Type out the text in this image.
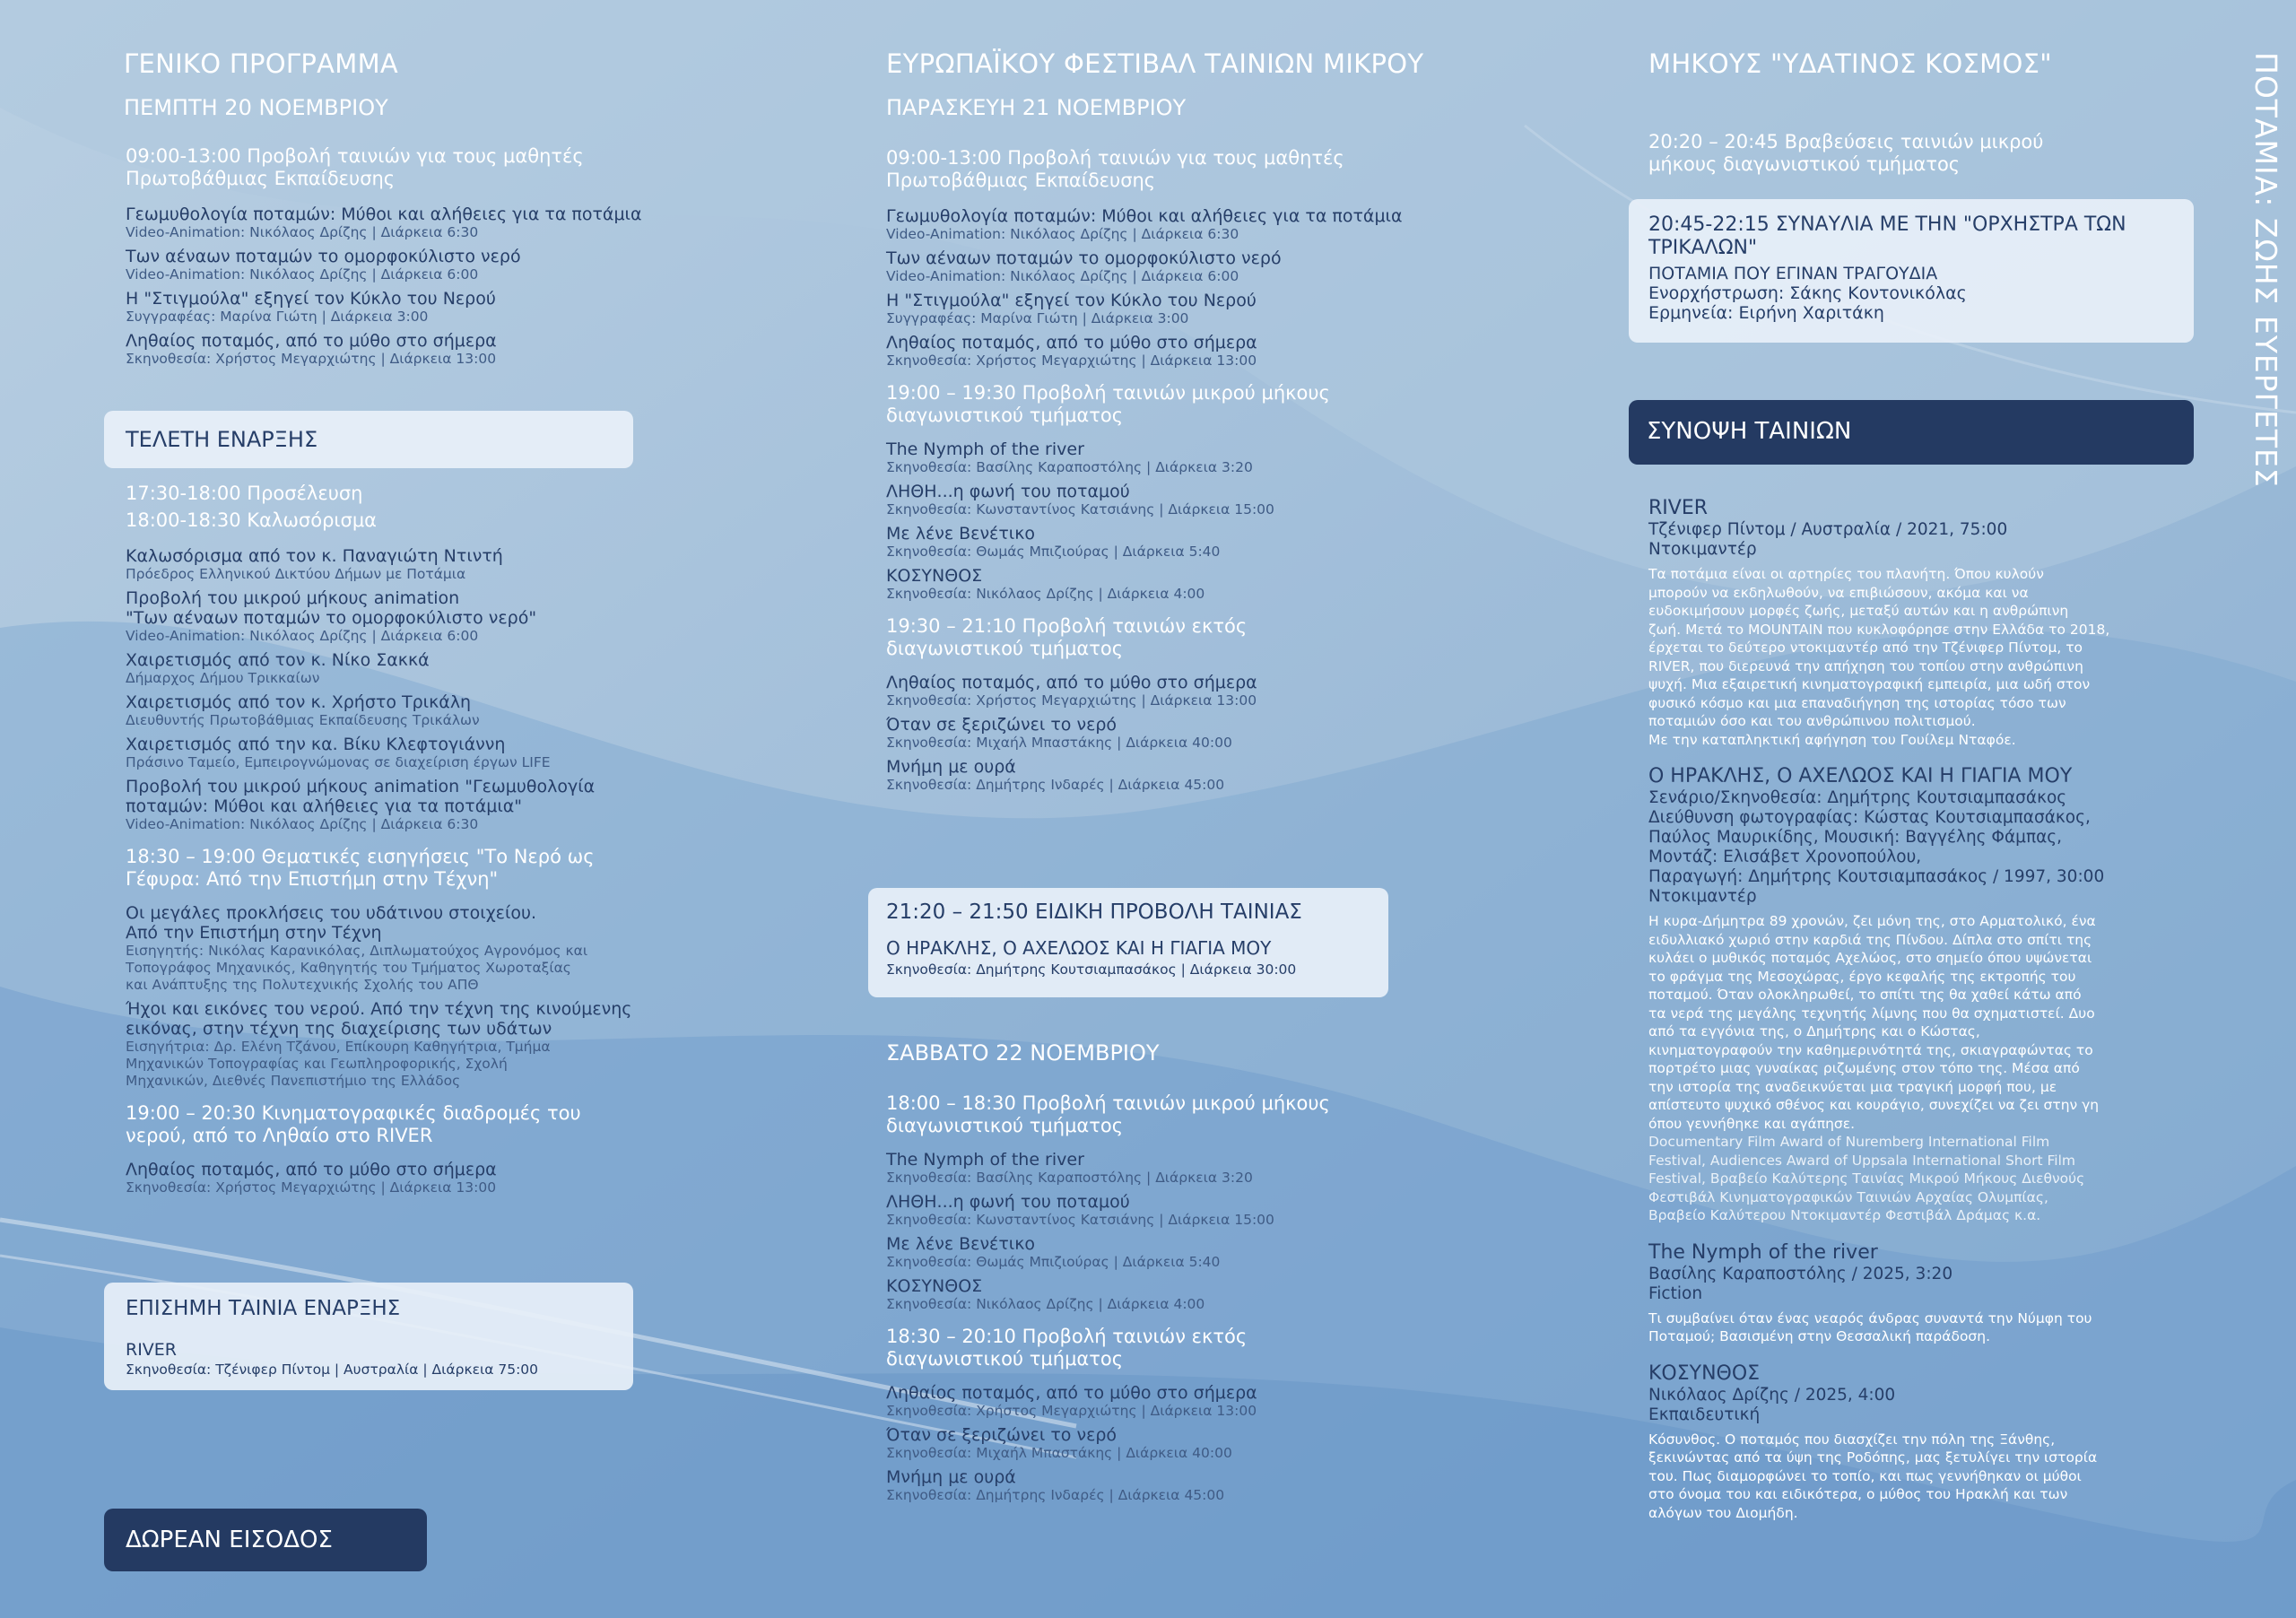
ΠΟΤΑΜΙΑ: ΖΩΗΣ ΕΥΕΡΓΕΤΕΣ
ΓΕΝΙΚΟ ΠΡΟΓΡΑΜΜΑ
ΠΕΜΠΤΗ 20 ΝΟΕΜΒΡΙΟΥ
09:00-13:00 Προβολή ταινιών για τους μαθητές
Πρωτοβάθμιας Εκπαίδευσης
Γεωμυθολογία ποταμών: Μύθοι και αλήθειες για τα ποτάμια
Video-Animation: Νικόλαος Δρίζης | Διάρκεια 6:30
Των αέναων ποταμών το ομορφοκύλιστο νερό
Video-Animation: Νικόλαος Δρίζης | Διάρκεια 6:00
Η "Στιγμούλα" εξηγεί τον Κύκλο του Νερού
Συγγραφέας: Μαρίνα Γιώτη | Διάρκεια 3:00
Ληθαίος ποταμός, από το μύθο στο σήμερα
Σκηνοθεσία: Χρήστος Μεγαρχιώτης | Διάρκεια 13:00
ΤΕΛΕΤΗ ΕΝΑΡΞΗΣ
17:30-18:00 Προσέλευση
18:00-18:30 Καλωσόρισμα
Καλωσόρισμα από τον κ. Παναγιώτη Ντιντή
Πρόεδρος Ελληνικού Δικτύου Δήμων με Ποτάμια
Προβολή του μικρού μήκους animation
"Των αέναων ποταμών το ομορφοκύλιστο νερό"
Video-Animation: Νικόλαος Δρίζης | Διάρκεια 6:00
Χαιρετισμός από τον κ. Νίκο Σακκά
Δήμαρχος Δήμου Τρικκαίων
Χαιρετισμός από τον κ. Χρήστο Τρικάλη
Διευθυντής Πρωτοβάθμιας Εκπαίδευσης Τρικάλων
Χαιρετισμός από την κα. Βίκυ Κλεφτογιάννη
Πράσινο Ταμείο, Εμπειρογνώμονας σε διαχείριση έργων LIFE
Προβολή του μικρού μήκους animation "Γεωμυθολογία
ποταμών: Μύθοι και αλήθειες για τα ποτάμια"
Video-Animation: Νικόλαος Δρίζης | Διάρκεια 6:30
18:30 – 19:00 Θεματικές εισηγήσεις "Το Νερό ως
Γέφυρα: Από την Επιστήμη στην Τέχνη"
Οι μεγάλες προκλήσεις του υδάτινου στοιχείου.
Από την Επιστήμη στην Τέχνη
Εισηγητής: Νικόλας Καρανικόλας, Διπλωματούχος Αγρονόμος και
Τοπογράφος Μηχανικός, Καθηγητής του Τμήματος Χωροταξίας
και Ανάπτυξης της Πολυτεχνικής Σχολής του ΑΠΘ
Ήχοι και εικόνες του νερού. Από την τέχνη της κινούμενης
εικόνας, στην τέχνη της διαχείρισης των υδάτων
Εισηγήτρια: Δρ. Ελένη Τζάνου, Επίκουρη Καθηγήτρια, Τμήμα
Μηχανικών Τοπογραφίας και Γεωπληροφορικής, Σχολή
Μηχανικών, Διεθνές Πανεπιστήμιο της Ελλάδος
19:00 – 20:30 Κινηματογραφικές διαδρομές του
νερού, από το Ληθαίο στο RIVER
Ληθαίος ποταμός, από το μύθο στο σήμερα
Σκηνοθεσία: Χρήστος Μεγαρχιώτης | Διάρκεια 13:00
ΕΠΙΣΗΜΗ ΤΑΙΝΙΑ ΕΝΑΡΞΗΣ
RIVER
Σκηνοθεσία: Τζένιφερ Πίντομ | Αυστραλία | Διάρκεια 75:00
ΔΩΡΕΑΝ ΕΙΣΟΔΟΣ
ΕΥΡΩΠΑΪΚΟΥ ΦΕΣΤΙΒΑΛ ΤΑΙΝΙΩΝ ΜΙΚΡΟΥ
ΠΑΡΑΣΚΕΥΗ 21 ΝΟΕΜΒΡΙΟΥ
09:00-13:00 Προβολή ταινιών για τους μαθητές
Πρωτοβάθμιας Εκπαίδευσης
Γεωμυθολογία ποταμών: Μύθοι και αλήθειες για τα ποτάμια
Video-Animation: Νικόλαος Δρίζης | Διάρκεια 6:30
Των αέναων ποταμών το ομορφοκύλιστο νερό
Video-Animation: Νικόλαος Δρίζης | Διάρκεια 6:00
Η "Στιγμούλα" εξηγεί τον Κύκλο του Νερού
Συγγραφέας: Μαρίνα Γιώτη | Διάρκεια 3:00
Ληθαίος ποταμός, από το μύθο στο σήμερα
Σκηνοθεσία: Χρήστος Μεγαρχιώτης | Διάρκεια 13:00
19:00 – 19:30 Προβολή ταινιών μικρού μήκους
διαγωνιστικού τμήματος
The Nymph of the river
Σκηνοθεσία: Βασίλης Καραποστόλης | Διάρκεια 3:20
ΛΗΘΗ...η φωνή του ποταμού
Σκηνοθεσία: Κωνσταντίνος Κατσιάνης | Διάρκεια 15:00
Με λένε Βενέτικο
Σκηνοθεσία: Θωμάς Μπιζιούρας | Διάρκεια 5:40
ΚΟΣΥΝΘΟΣ
Σκηνοθεσία: Νικόλαος Δρίζης | Διάρκεια 4:00
19:30 – 21:10 Προβολή ταινιών εκτός
διαγωνιστικού τμήματος
Ληθαίος ποταμός, από το μύθο στο σήμερα
Σκηνοθεσία: Χρήστος Μεγαρχιώτης | Διάρκεια 13:00
Όταν σε ξεριζώνει το νερό
Σκηνοθεσία: Μιχαήλ Μπαστάκης | Διάρκεια 40:00
Μνήμη με ουρά
Σκηνοθεσία: Δημήτρης Ινδαρές | Διάρκεια 45:00
21:20 – 21:50 ΕΙΔΙΚΗ ΠΡΟΒΟΛΗ ΤΑΙΝΙΑΣ
Ο ΗΡΑΚΛΗΣ, Ο ΑΧΕΛΩΟΣ ΚΑΙ Η ΓΙΑΓΙΑ ΜΟΥ
Σκηνοθεσία: Δημήτρης Κουτσιαμπασάκος | Διάρκεια 30:00
ΣΑΒΒΑΤΟ 22 ΝΟΕΜΒΡΙΟΥ
18:00 – 18:30 Προβολή ταινιών μικρού μήκους
διαγωνιστικού τμήματος
The Nymph of the river
Σκηνοθεσία: Βασίλης Καραποστόλης | Διάρκεια 3:20
ΛΗΘΗ...η φωνή του ποταμού
Σκηνοθεσία: Κωνσταντίνος Κατσιάνης | Διάρκεια 15:00
Με λένε Βενέτικο
Σκηνοθεσία: Θωμάς Μπιζιούρας | Διάρκεια 5:40
ΚΟΣΥΝΘΟΣ
Σκηνοθεσία: Νικόλαος Δρίζης | Διάρκεια 4:00
18:30 – 20:10 Προβολή ταινιών εκτός
διαγωνιστικού τμήματος
Ληθαίος ποταμός, από το μύθο στο σήμερα
Σκηνοθεσία: Χρήστος Μεγαρχιώτης | Διάρκεια 13:00
Όταν σε ξεριζώνει το νερό
Σκηνοθεσία: Μιχαήλ Μπαστάκης | Διάρκεια 40:00
Μνήμη με ουρά
Σκηνοθεσία: Δημήτρης Ινδαρές | Διάρκεια 45:00
ΜΗΚΟΥΣ "ΥΔΑΤΙΝΟΣ ΚΟΣΜΟΣ"
20:20 – 20:45 Βραβεύσεις ταινιών μικρού
μήκους διαγωνιστικού τμήματος
20:45-22:15 ΣΥΝΑΥΛΙΑ ΜΕ ΤΗΝ "ΟΡΧΗΣΤΡΑ ΤΩΝ
ΤΡΙΚΑΛΩΝ"
ΠΟΤΑΜΙΑ ΠΟΥ ΕΓΙΝΑΝ ΤΡΑΓΟΥΔΙΑ
Ενορχήστρωση: Σάκης Κοντονικόλας
Ερμηνεία: Ειρήνη Χαριτάκη
ΣΥΝΟΨΗ ΤΑΙΝΙΩΝ
RIVER
Τζένιφερ Πίντομ / Αυστραλία / 2021, 75:00
Ντοκιμαντέρ
Τα ποτάμια είναι οι αρτηρίες του πλανήτη. Όπου κυλούν
μπορούν να εκδηλωθούν, να επιβιώσουν, ακόμα και να
ευδοκιμήσουν μορφές ζωής, μεταξύ αυτών και η ανθρώπινη
ζωή. Μετά το MOUNTAIN που κυκλοφόρησε στην Ελλάδα το 2018,
έρχεται το δεύτερο ντοκιμαντέρ από την Τζένιφερ Πίντομ, το
RIVER, που διερευνά την απήχηση του τοπίου στην ανθρώπινη
ψυχή. Μια εξαιρετική κινηματογραφική εμπειρία, μια ωδή στον
φυσικό κόσμο και μια επαναδιήγηση της ιστορίας τόσο των
ποταμιών όσο και του ανθρώπινου πολιτισμού.
Με την καταπληκτική αφήγηση του Γουίλεμ Νταφόε.
Ο ΗΡΑΚΛΗΣ, Ο ΑΧΕΛΩΟΣ ΚΑΙ Η ΓΙΑΓΙΑ ΜΟΥ
Σενάριο/Σκηνοθεσία: Δημήτρης Κουτσιαμπασάκος
Διεύθυνση φωτογραφίας: Κώστας Κουτσιαμπασάκος,
Παύλος Μαυρικίδης, Μουσική: Βαγγέλης Φάμπας,
Μοντάζ: Ελισάβετ Χρονοπούλου,
Παραγωγή: Δημήτρης Κουτσιαμπασάκος / 1997, 30:00
Ντοκιμαντέρ
Η κυρα-Δήμητρα 89 χρονών, ζει μόνη της, στο Αρματολικό, ένα
ειδυλλιακό χωριό στην καρδιά της Πίνδου. Δίπλα στο σπίτι της
κυλάει ο μυθικός ποταμός Αχελώος, στο σημείο όπου υψώνεται
το φράγμα της Μεσοχώρας, έργο κεφαλής της εκτροπής του
ποταμού. Όταν ολοκληρωθεί, το σπίτι της θα χαθεί κάτω από
τα νερά της μεγάλης τεχνητής λίμνης που θα σχηματιστεί. Δυο
από τα εγγόνια της, ο Δημήτρης και ο Κώστας,
κινηματογραφούν την καθημερινότητά της, σκιαγραφώντας το
πορτρέτο μιας γυναίκας ριζωμένης στον τόπο της. Μέσα από
την ιστορία της αναδεικνύεται μια τραγική μορφή που, με
απίστευτο ψυχικό σθένος και κουράγιο, συνεχίζει να ζει στην γη
όπου γεννήθηκε και αγάπησε.
Documentary Film Award of Nuremberg International Film
Festival, Audiences Award of Uppsala International Short Film
Festival, Βραβείο Καλύτερης Ταινίας Μικρού Μήκους Διεθνούς
Φεστιβάλ Κινηματογραφικών Ταινιών Αρχαίας Ολυμπίας,
Βραβείο Καλύτερου Ντοκιμαντέρ Φεστιβάλ Δράμας κ.α.
The Nymph of the river
Βασίλης Καραποστόλης / 2025, 3:20
Fiction
Τι συμβαίνει όταν ένας νεαρός άνδρας συναντά την Νύμφη του
Ποταμού; Βασισμένη στην Θεσσαλική παράδοση.
ΚΟΣΥΝΘΟΣ
Νικόλαος Δρίζης / 2025, 4:00
Εκπαιδευτική
Κόσυνθος. Ο ποταμός που διασχίζει την πόλη της Ξάνθης,
ξεκινώντας από τα ύψη της Ροδόπης, μας ξετυλίγει την ιστορία
του. Πως διαμορφώνει το τοπίο, και πως γεννήθηκαν οι μύθοι
στο όνομα του και ειδικότερα, ο μύθος του Ηρακλή και των
αλόγων του Διομήδη.
